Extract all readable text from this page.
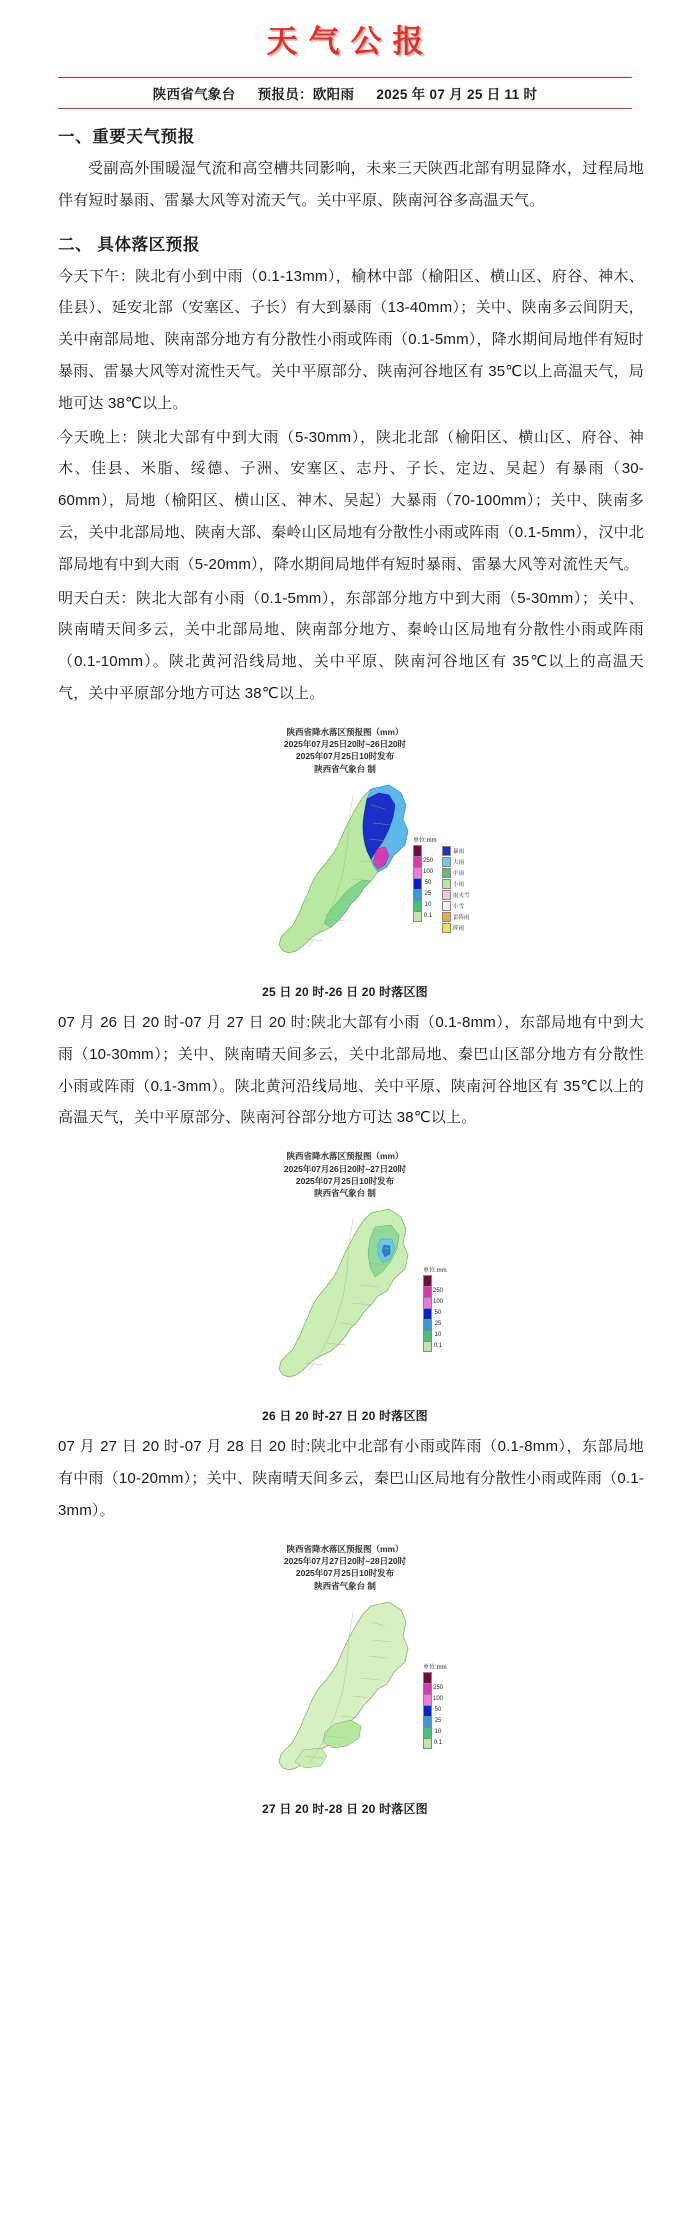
天气公报
陕西省气象台 预报员：欧阳雨 2025 年 07 月 25 日 11 时
一、重要天气预报

受副高外围暖湿气流和高空槽共同影响，未来三天陕西北部有明显降水，过程局地伴有短时暴雨、雷暴大风等对流天气。关中平原、陕南河谷多高温天气。

二、 具体落区预报

今天下午：陕北有小到中雨（0.1-13mm），榆林中部（榆阳区、横山区、府谷、神木、佳县）、延安北部（安塞区、子长）有大到暴雨（13-40mm）；关中、陕南多云间阴天，关中南部局地、陕南部分地方有分散性小雨或阵雨（0.1-5mm），降水期间局地伴有短时暴雨、雷暴大风等对流性天气。关中平原部分、陕南河谷地区有 35℃以上高温天气，局地可达 38℃以上。

今天晚上：陕北大部有中到大雨（5-30mm），陕北北部（榆阳区、横山区、府谷、神木、佳县、米脂、绥德、子洲、安塞区、志丹、子长、定边、吴起）有暴雨（30-60mm），局地（榆阳区、横山区、神木、吴起）大暴雨（70-100mm）；关中、陕南多云，关中北部局地、陕南大部、秦岭山区局地有分散性小雨或阵雨（0.1-5mm），汉中北部局地有中到大雨（5-20mm），降水期间局地伴有短时暴雨、雷暴大风等对流性天气。

明天白天：陕北大部有小雨（0.1-5mm），东部部分地方中到大雨（5-30mm）；关中、陕南晴天间多云，关中北部局地、陕南部分地方、秦岭山区局地有分散性小雨或阵雨（0.1-10mm）。陕北黄河沿线局地、关中平原、陕南河谷地区有 35℃以上的高温天气，关中平原部分地方可达 38℃以上。

陕西省降水落区预报图（mm）
2025年07月25日20时~26日20时
2025年07月25日10时发布
陕西省气象台 制
单位:mm
250
100
50
25
10
0.1
暴雨
大雨
中雨
小雨
雨夹雪
小雪
雷阵雨
阵雨
25 日 20 时-26 日 20 时落区图

07 月 26 日 20 时-07 月 27 日 20 时:陕北大部有小雨（0.1-8mm），东部局地有中到大雨（10-30mm）；关中、陕南晴天间多云，关中北部局地、秦巴山区部分地方有分散性小雨或阵雨（0.1-3mm）。陕北黄河沿线局地、关中平原、陕南河谷地区有 35℃以上的高温天气，关中平原部分、陕南河谷部分地方可达 38℃以上。

陕西省降水落区预报图（mm）
2025年07月26日20时~27日20时
2025年07月25日10时发布
陕西省气象台 制
单位:mm
250
100
50
25
10
0.1
26 日 20 时-27 日 20 时落区图

07 月 27 日 20 时-07 月 28 日 20 时:陕北中北部有小雨或阵雨（0.1-8mm），东部局地有中雨（10-20mm）；关中、陕南晴天间多云，秦巴山区局地有分散性小雨或阵雨（0.1-3mm）。

陕西省降水落区预报图（mm）
2025年07月27日20时~28日20时
2025年07月25日10时发布
陕西省气象台 制
单位:mm
250
100
50
25
10
0.1
27 日 20 时-28 日 20 时落区图
